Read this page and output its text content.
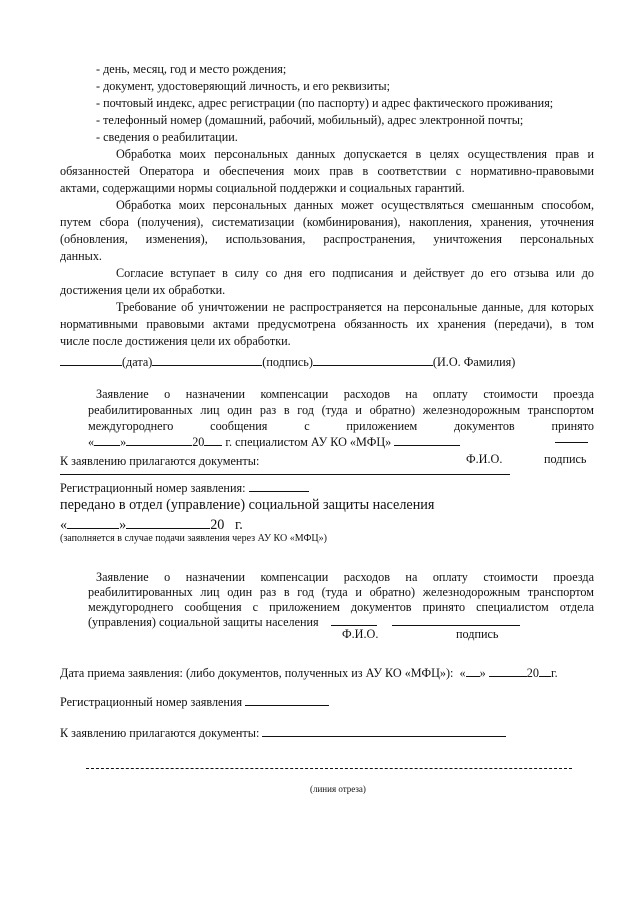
- день, месяц, год и место рождения;
- документ, удостоверяющий личность, и его реквизиты;
- почтовый индекс, адрес регистрации (по паспорту) и адрес фактического проживания;
- телефонный номер (домашний, рабочий, мобильный), адрес электронной почты;
- сведения о реабилитации.
Обработка моих персональных данных допускается в целях осуществления прав и
обязанностей Оператора и обеспечения моих прав в соответствии с нормативно-правовыми
актами, содержащими нормы социальной поддержки и социальных гарантий.
Обработка моих персональных данных может осуществляться смешанным способом,
путем сбора (получения), систематизации (комбинирования), накопления, хранения, уточнения
(обновления, изменения), использования, распространения, уничтожения персональных
данных.
Согласие вступает в силу со дня его подписания и действует до его отзыва или до
достижения цели их обработки.
Требование об уничтожении не распространяется на персональные данные, для которых
нормативными правовыми актами предусмотрена обязанность их хранения (передачи), в том
числе после достижения цели их обработки.
(дата)	(подпись)	(И.О. Фамилия)
Заявление о назначении компенсации расходов на оплату стоимости проезда
реабилитированных лиц один раз в год (туда и обратно) железнодорожным транспортом
междугороднего	сообщения	с	приложением	документов	принято
« »	20 г. специалистом АУ КО «МФЦ»
Ф.И.О.	подпись
К заявлению прилагаются документы:
Регистрационный номер заявления:
передано в отдел (управление) социальной защиты населения
«	»	20 г.
(заполняется в случае подачи заявления через АУ КО «МФЦ»)
Заявление о назначении компенсации расходов на оплату стоимости проезда
реабилитированных лиц один раз в год (туда и обратно) железнодорожным транспортом
междугороднего сообщения с приложением документов принято специалистом отдела
(управления) социальной защиты населения
Ф.И.О.	подпись
Дата приема заявления: (либо документов, полученных из АУ КО «МФЦ»): « »	20 г.
Регистрационный номер заявления
К заявлению прилагаются документы:
(линия отреза)
